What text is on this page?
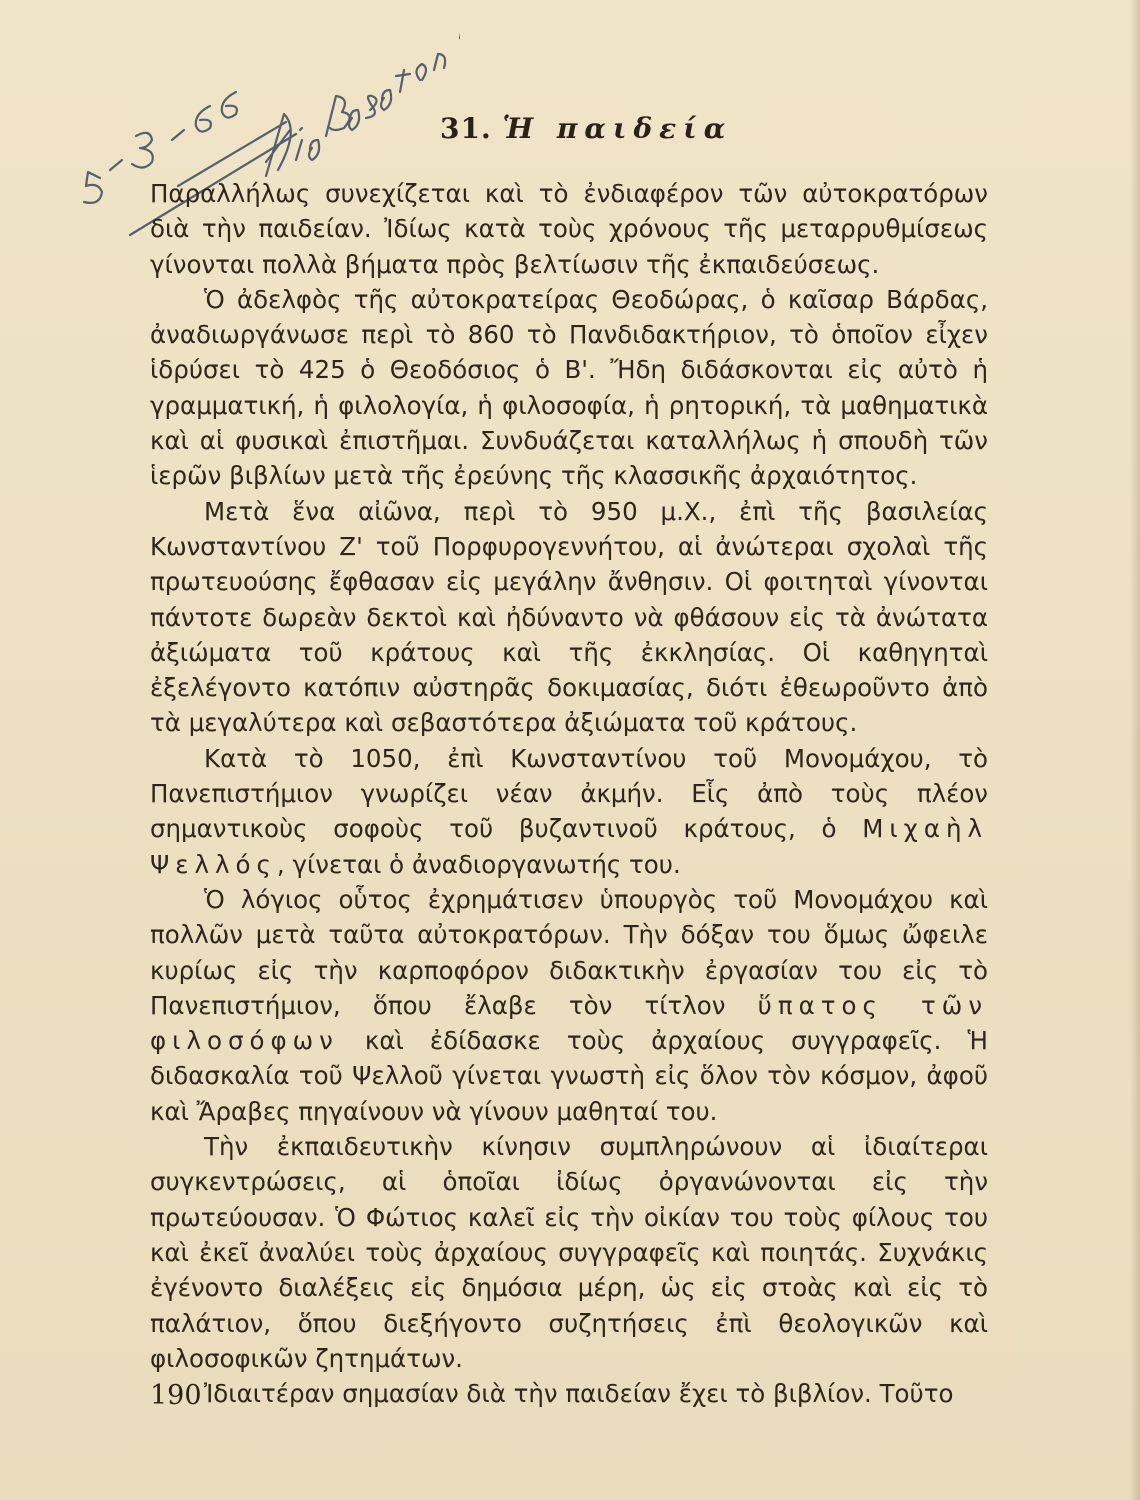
31. Ἡ παιδεία

Παραλλήλως συνεχίζεται καὶ τὸ ἐνδιαφέρον τῶν αὐτοκρατόρων διὰ τὴν παιδείαν. Ἰδίως κατὰ τοὺς χρόνους τῆς μεταρρυθμίσεως γίνονται πολλὰ βήματα πρὸς βελτίωσιν τῆς ἐκπαιδεύσεως.

Ὁ ἀδελφὸς τῆς αὐτοκρατείρας Θεοδώρας, ὁ καῖσαρ Βάρδας, ἀναδιωργάνωσε περὶ τὸ 860 τὸ Πανδιδακτήριον, τὸ ὁποῖον εἶχεν ἱδρύσει τὸ 425 ὁ Θεοδόσιος ὁ Β'. Ἤδη διδάσκονται εἰς αὐτὸ ἡ γραμματική, ἡ φιλολογία, ἡ φιλοσοφία, ἡ ρητορική, τὰ μαθηματικὰ καὶ αἱ φυσικαὶ ἐπιστῆμαι. Συνδυάζεται καταλλήλως ἡ σπουδὴ τῶν ἱερῶν βιβλίων μετὰ τῆς ἐρεύνης τῆς κλασσικῆς ἀρχαιότητος.

Μετὰ ἕνα αἰῶνα, περὶ τὸ 950 μ.Χ., ἐπὶ τῆς βασιλείας Κωνσταντίνου Ζ' τοῦ Πορφυρογεννήτου, αἱ ἀνώτεραι σχολαὶ τῆς πρωτευούσης ἔφθασαν εἰς μεγάλην ἄνθησιν. Οἱ φοιτηταὶ γίνονται πάντοτε δωρεὰν δεκτοὶ καὶ ἠδύναντο νὰ φθάσουν εἰς τὰ ἀνώτατα ἀξιώματα τοῦ κράτους καὶ τῆς ἐκκλησίας. Οἱ καθηγηταὶ ἐξελέγοντο κατόπιν αὐστηρᾶς δοκιμασίας, διότι ἐθεωροῦντο ἀπὸ τὰ μεγαλύτερα καὶ σεβαστότερα ἀξιώματα τοῦ κράτους.

Κατὰ τὸ 1050, ἐπὶ Κωνσταντίνου τοῦ Μονομάχου, τὸ Πανεπιστήμιον γνωρίζει νέαν ἀκμήν. Εἷς ἀπὸ τοὺς πλέον σημαντικοὺς σοφοὺς τοῦ βυζαντινοῦ κράτους, ὁ Μιχαὴλ Ψελλός, γίνεται ὁ ἀναδιοργανωτής του.

Ὁ λόγιος οὗτος ἐχρημάτισεν ὑπουργὸς τοῦ Μονομάχου καὶ πολλῶν μετὰ ταῦτα αὐτοκρατόρων. Τὴν δόξαν του ὅμως ὤφειλε κυρίως εἰς τὴν καρποφόρον διδακτικὴν ἐργασίαν του εἰς τὸ Πανεπιστήμιον, ὅπου ἔλαβε τὸν τίτλον ὕπατος τῶν φιλοσόφων καὶ ἐδίδασκε τοὺς ἀρχαίους συγγραφεῖς. Ἡ διδασκαλία τοῦ Ψελλοῦ γίνεται γνωστὴ εἰς ὅλον τὸν κόσμον, ἀφοῦ καὶ Ἄραβες πηγαίνουν νὰ γίνουν μαθηταί του.

Τὴν ἐκπαιδευτικὴν κίνησιν συμπληρώνουν αἱ ἰδιαίτεραι συγκεντρώσεις, αἱ ὁποῖαι ἰδίως ὀργανώνονται εἰς τὴν πρωτεύουσαν. Ὁ Φώτιος καλεῖ εἰς τὴν οἰκίαν του τοὺς φίλους του καὶ ἐκεῖ ἀναλύει τοὺς ἀρχαίους συγγραφεῖς καὶ ποιητάς. Συχνάκις ἐγένοντο διαλέξεις εἰς δημόσια μέρη, ὡς εἰς στοὰς καὶ εἰς τὸ παλάτιον, ὅπου διεξήγοντο συζητήσεις ἐπὶ θεολογικῶν καὶ φιλοσοφικῶν ζητημάτων.

Ἰδιαιτέραν σημασίαν διὰ τὴν παιδείαν ἔχει τὸ βιβλίον. Τοῦτο

190
